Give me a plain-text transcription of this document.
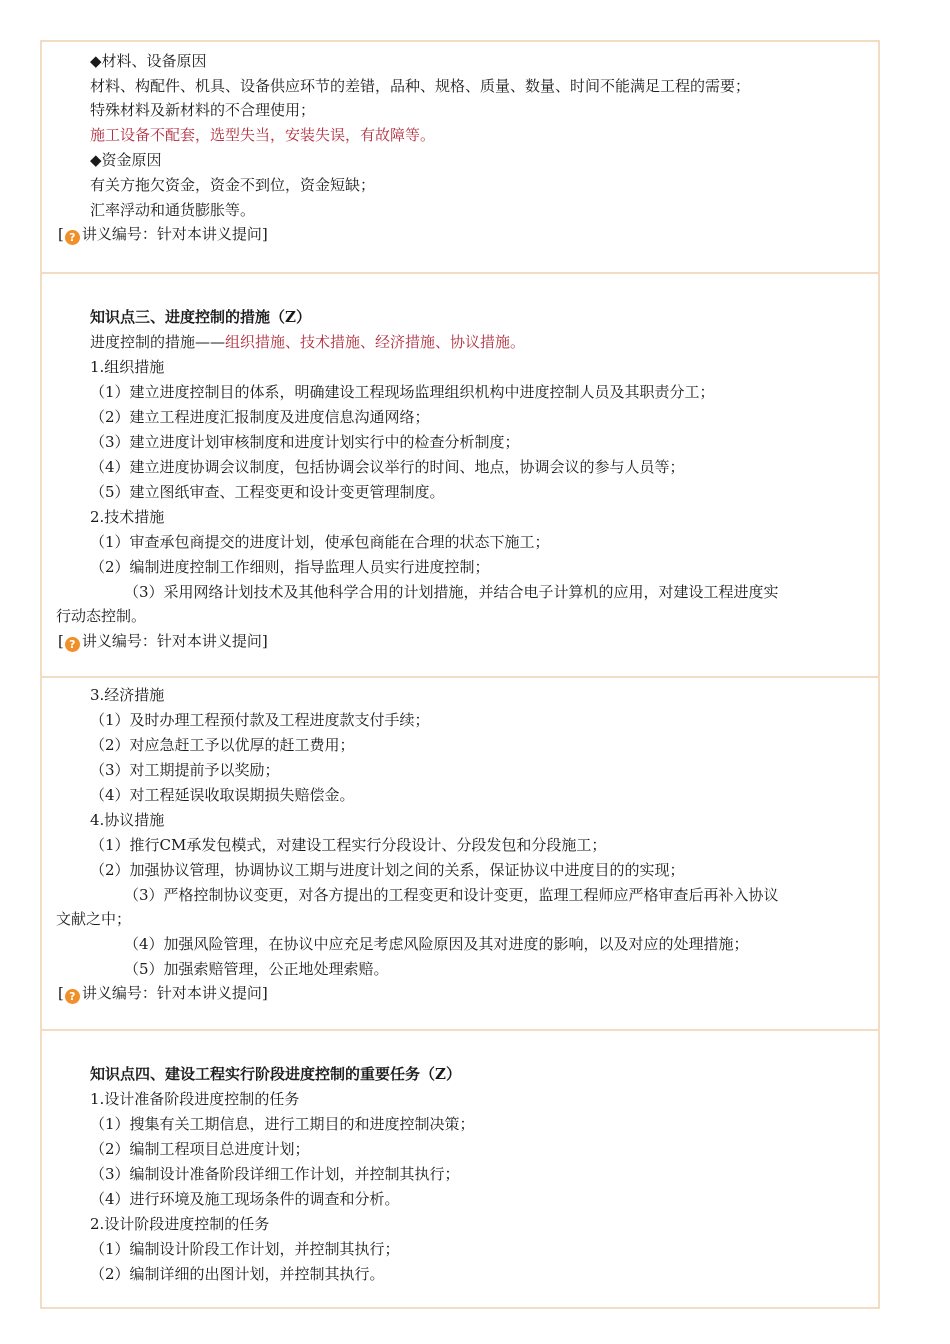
◆材料、设备原因
材料、构配件、机具、设备供应环节的差错，品种、规格、质量、数量、时间不能满足工程的需要；
特殊材料及新材料的不合理使用；
施工设备不配套，选型失当，安装失误，有故障等。
◆资金原因
有关方拖欠资金，资金不到位，资金短缺；
汇率浮动和通货膨胀等。
[ ? 讲义编号：针对本讲义提问]
知识点三、进度控制的措施（Z）
进度控制的措施——组织措施、技术措施、经济措施、协议措施。
1.组织措施
（1）建立进度控制目的体系，明确建设工程现场监理组织机构中进度控制人员及其职责分工；
（2）建立工程进度汇报制度及进度信息沟通网络；
（3）建立进度计划审核制度和进度计划实行中的检查分析制度；
（4）建立进度协调会议制度，包括协调会议举行的时间、地点，协调会议的参与人员等；
（5）建立图纸审查、工程变更和设计变更管理制度。
2.技术措施
（1）审查承包商提交的进度计划，使承包商能在合理的状态下施工；
（2）编制进度控制工作细则，指导监理人员实行进度控制；
（3）采用网络计划技术及其他科学合用的计划措施，并结合电子计算机的应用，对建设工程进度实
行动态控制。
[ ? 讲义编号：针对本讲义提问]
3.经济措施
（1）及时办理工程预付款及工程进度款支付手续；
（2）对应急赶工予以优厚的赶工费用；
（3）对工期提前予以奖励；
（4）对工程延误收取误期损失赔偿金。
4.协议措施
（1）推行CM承发包模式，对建设工程实行分段设计、分段发包和分段施工；
（2）加强协议管理，协调协议工期与进度计划之间的关系，保证协议中进度目的的实现；
（3）严格控制协议变更，对各方提出的工程变更和设计变更，监理工程师应严格审查后再补入协议
文献之中；
（4）加强风险管理，在协议中应充足考虑风险原因及其对进度的影响，以及对应的处理措施；
（5）加强索赔管理，公正地处理索赔。
[ ? 讲义编号：针对本讲义提问]
知识点四、建设工程实行阶段进度控制的重要任务（Z）
1.设计准备阶段进度控制的任务
（1）搜集有关工期信息，进行工期目的和进度控制决策；
（2）编制工程项目总进度计划；
（3）编制设计准备阶段详细工作计划，并控制其执行；
（4）进行环境及施工现场条件的调查和分析。
2.设计阶段进度控制的任务
（1）编制设计阶段工作计划，并控制其执行；
（2）编制详细的出图计划，并控制其执行。
